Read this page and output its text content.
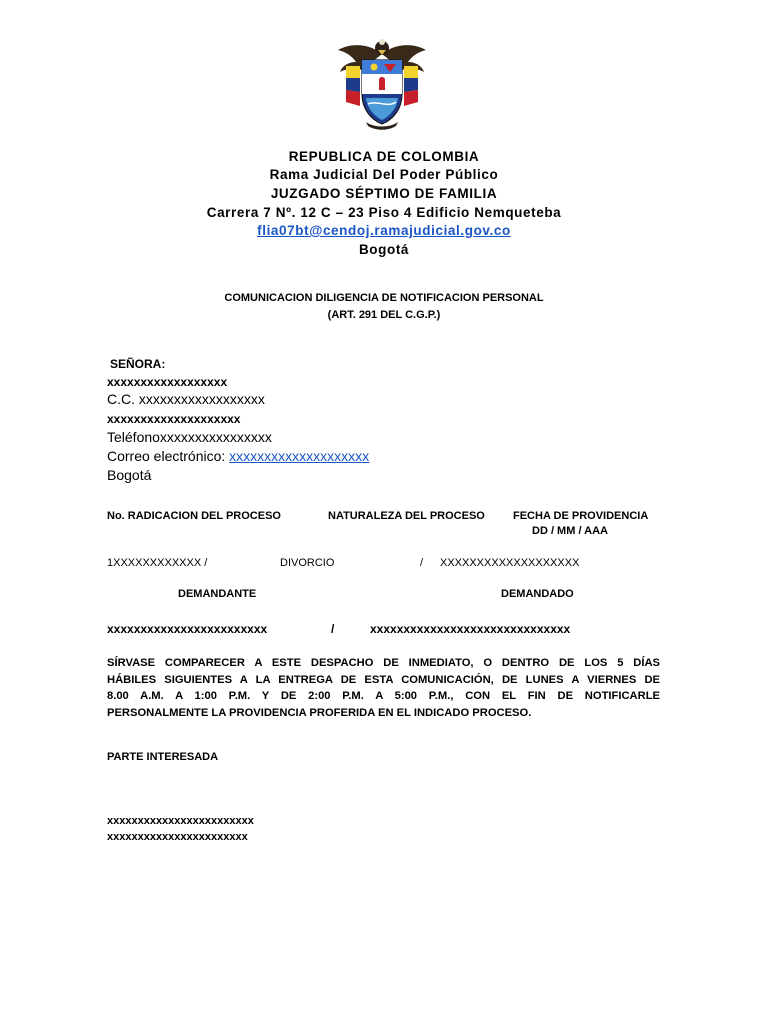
REPUBLICA DE COLOMBIA
Rama Judicial Del Poder Público
JUZGADO SÉPTIMO DE FAMILIA
Carrera 7 Nº. 12 C – 23 Piso 4 Edificio Nemqueteba
flia07bt@cendoj.ramajudicial.gov.co
Bogotá
COMUNICACION DILIGENCIA DE NOTIFICACION PERSONAL
(ART. 291 DEL C.G.P.)
SEÑORA:
xxxxxxxxxxxxxxxxxx
C.C. xxxxxxxxxxxxxxxxxx
xxxxxxxxxxxxxxxxxxxx
Teléfonoxxxxxxxxxxxxxxxx
Correo electrónico: xxxxxxxxxxxxxxxxxxxx
Bogotá
No. RADICACION DEL PROCESO	NATURALEZA DEL PROCESO	FECHA DE PROVIDENCIA
DD / MM / AAA
1XXXXXXXXXXXX /	DIVORCIO	/ XXXXXXXXXXXXXXXXXXX
DEMANDANTE	DEMANDADO
xxxxxxxxxxxxxxxxxxxxxxxx	/	xxxxxxxxxxxxxxxxxxxxxxxxxxxxxx
SÍRVASE COMPARECER A ESTE DESPACHO DE INMEDIATO, O DENTRO DE LOS 5 DÍAS
HÁBILES SIGUIENTES A LA ENTREGA DE ESTA COMUNICACIÓN, DE LUNES A VIERNES DE
8.00 A.M. A 1:00 P.M. Y DE 2:00 P.M. A 5:00 P.M., CON EL FIN DE NOTIFICARLE
PERSONALMENTE LA PROVIDENCIA PROFERIDA EN EL INDICADO PROCESO.
PARTE INTERESADA
xxxxxxxxxxxxxxxxxxxxxxxx
xxxxxxxxxxxxxxxxxxxxxxx
